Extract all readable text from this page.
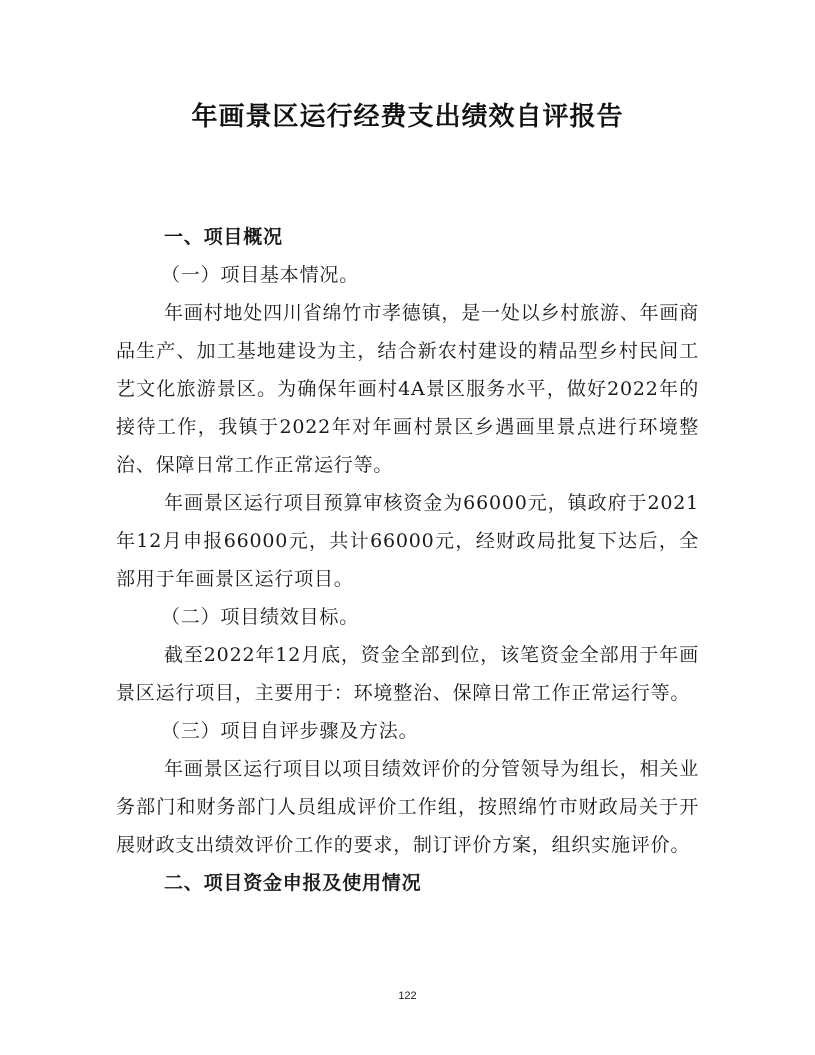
年画景区运行经费支出绩效自评报告

一、项目概况

（一）项目基本情况。

年画村地处四川省绵竹市孝德镇，是一处以乡村旅游、年画商品生产、加工基地建设为主，结合新农村建设的精品型乡村民间工艺文化旅游景区。为确保年画村4A景区服务水平，做好2022年的接待工作，我镇于2022年对年画村景区乡遇画里景点进行环境整治、保障日常工作正常运行等。

年画景区运行项目预算审核资金为66000元，镇政府于2021年12月申报66000元，共计66000元，经财政局批复下达后，全部用于年画景区运行项目。

（二）项目绩效目标。

截至2022年12月底，资金全部到位，该笔资金全部用于年画景区运行项目，主要用于：环境整治、保障日常工作正常运行等。

（三）项目自评步骤及方法。

年画景区运行项目以项目绩效评价的分管领导为组长，相关业务部门和财务部门人员组成评价工作组，按照绵竹市财政局关于开展财政支出绩效评价工作的要求，制订评价方案，组织实施评价。

二、项目资金申报及使用情况

122
